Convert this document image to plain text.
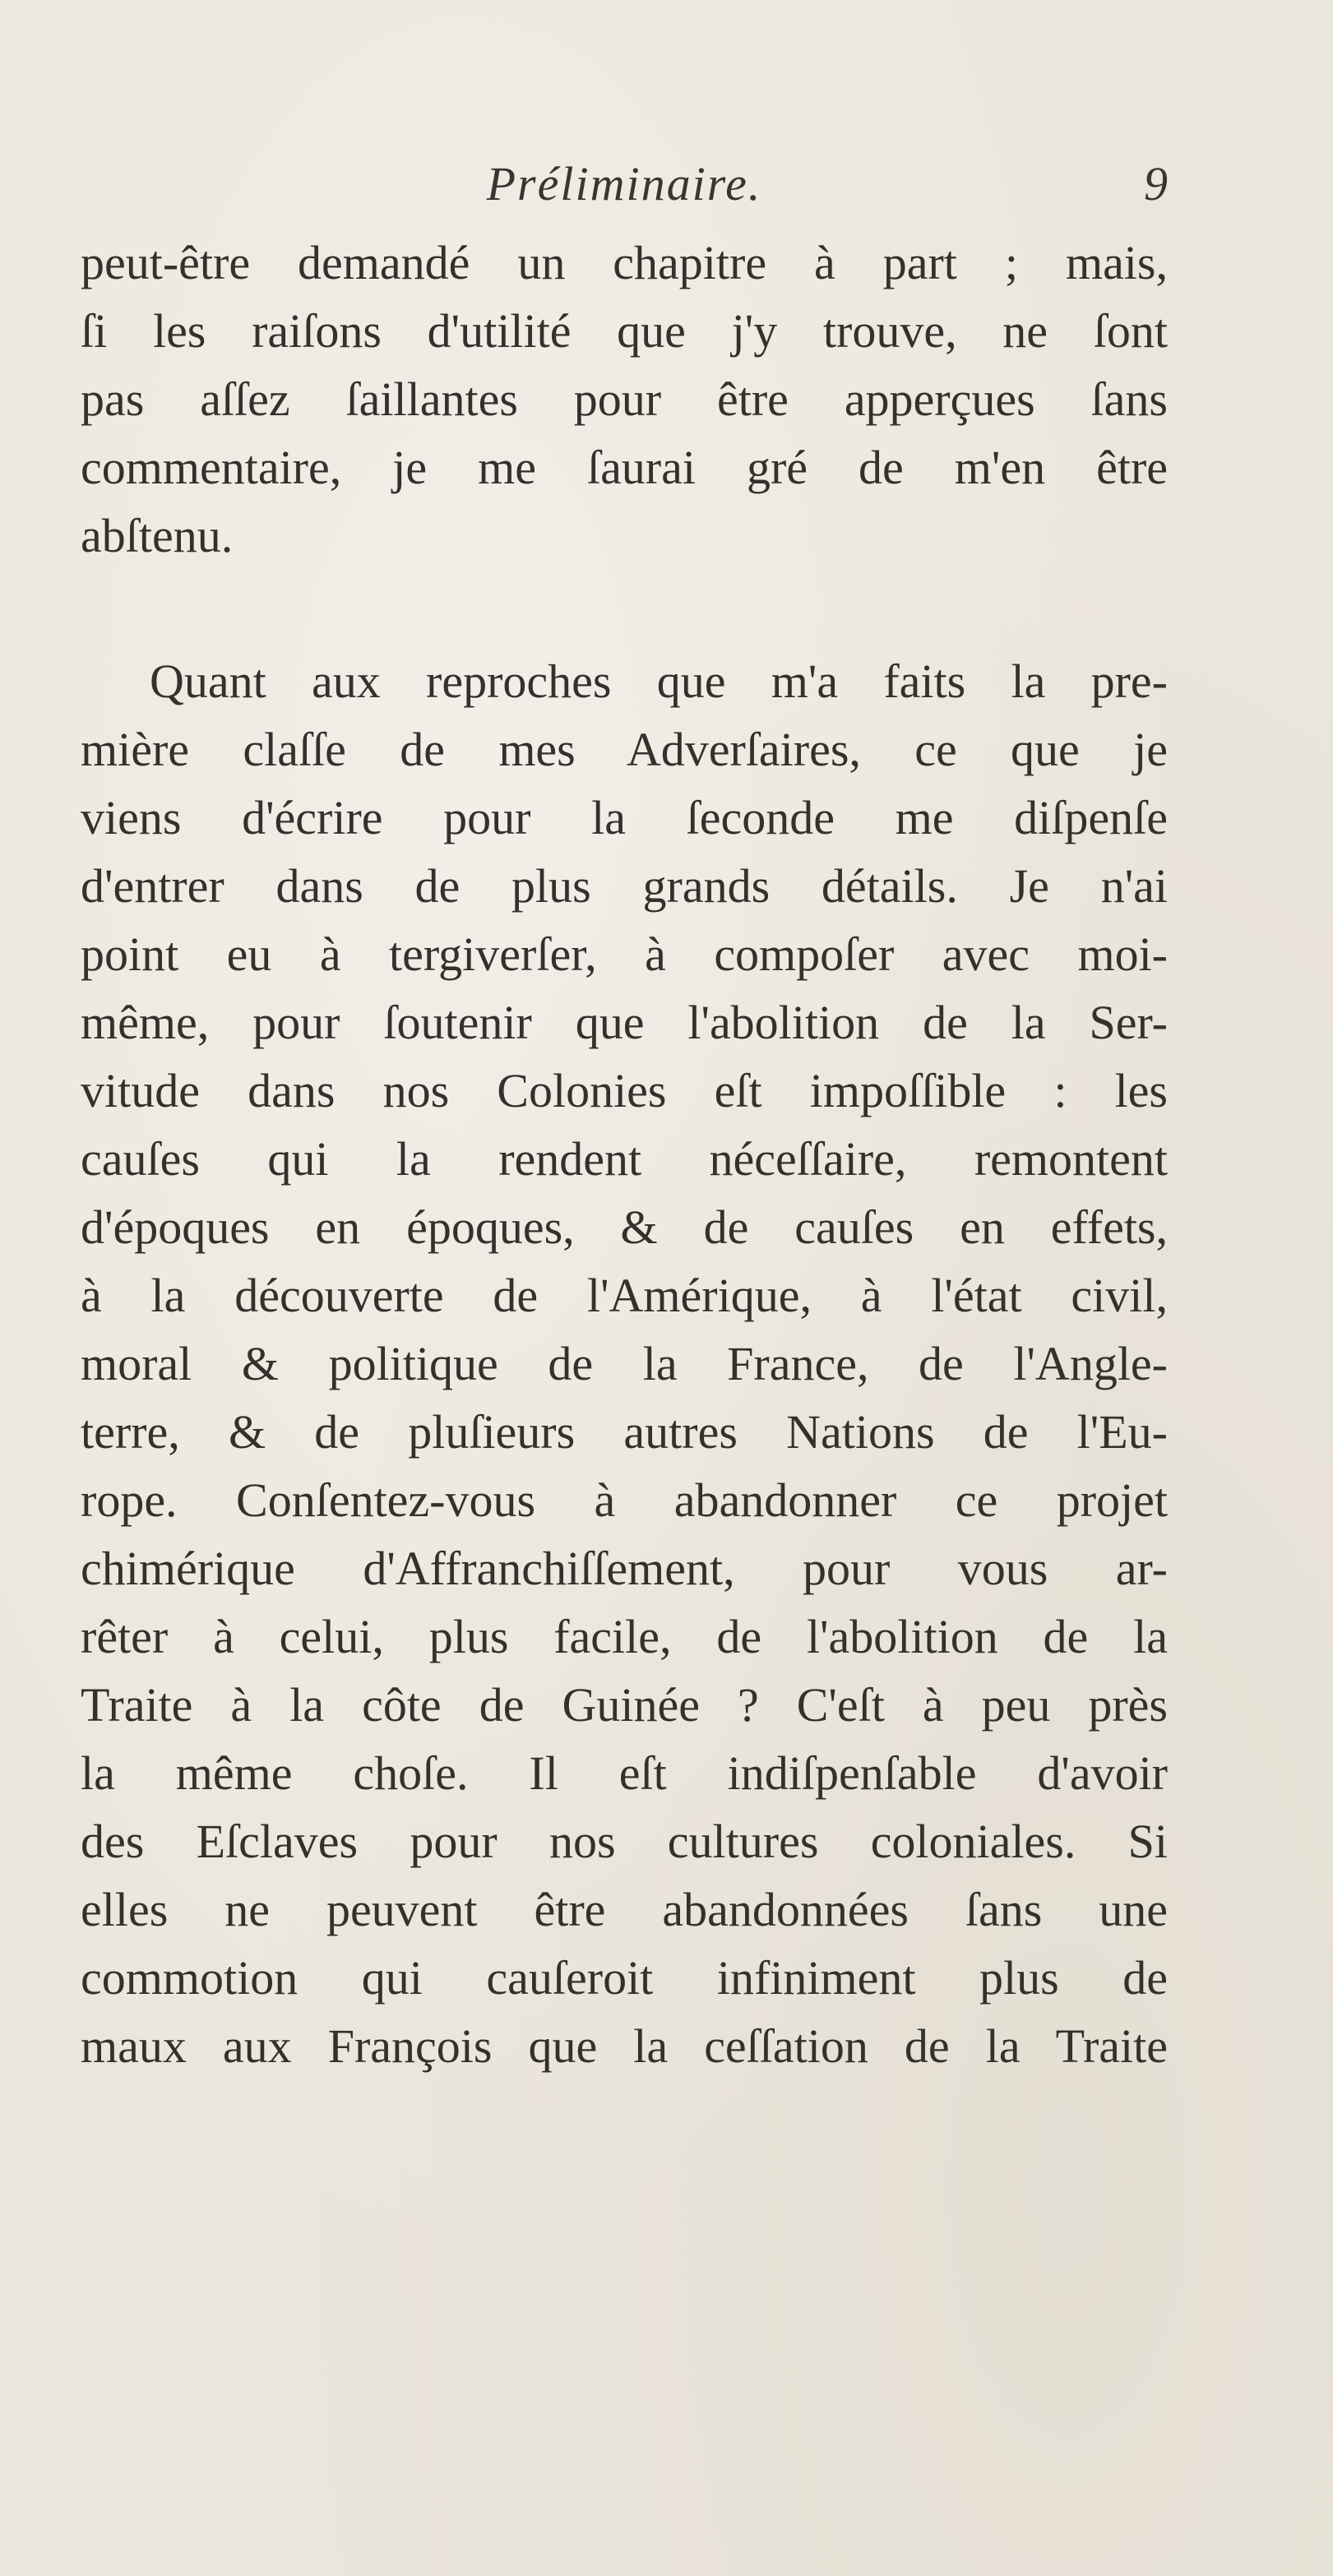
Préliminaire.	9
peut-être demandé un chapitre à part ; mais,
ſi les raiſons d'utilité que j'y trouve, ne ſont
pas aſſez ſaillantes pour être apperçues ſans
commentaire, je me ſaurai gré de m'en être
abſtenu.
Quant aux reproches que m'a faits la pre-
mière claſſe de mes Adverſaires, ce que je
viens d'écrire pour la ſeconde me diſpenſe
d'entrer dans de plus grands détails. Je n'ai
point eu à tergiverſer, à compoſer avec moi-
même, pour ſoutenir que l'abolition de la Ser-
vitude dans nos Colonies eſt impoſſible : les
cauſes qui la rendent néceſſaire, remontent
d'époques en époques, & de cauſes en effets,
à la découverte de l'Amérique, à l'état civil,
moral & politique de la France, de l'Angle-
terre, & de pluſieurs autres Nations de l'Eu-
rope. Conſentez-vous à abandonner ce projet
chimérique d'Affranchiſſement, pour vous ar-
rêter à celui, plus facile, de l'abolition de la
Traite à la côte de Guinée ? C'eſt à peu près
la même choſe. Il eſt indiſpenſable d'avoir
des Eſclaves pour nos cultures coloniales. Si
elles ne peuvent être abandonnées ſans une
commotion qui cauſeroit infiniment plus de
maux aux François que la ceſſation de la Traite
